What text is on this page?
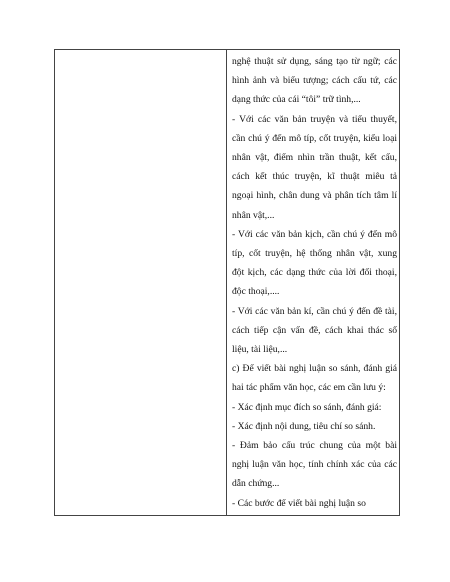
nghệ thuật sử dụng, sáng tạo từ ngữ; các hình ảnh và biểu tượng; cách cấu tứ, các dạng thức của cái “tôi” trữ tình,...

- Với các văn bản truyện và tiểu thuyết, cần chú ý đến mô típ, cốt truyện, kiểu loại nhân vật, điểm nhìn trần thuật, kết cấu, cách kết thúc truyện, kĩ thuật miêu tả ngoại hình, chân dung và phân tích tâm lí nhân vật,...

- Với các văn bản kịch, cần chú ý đến mô típ, cốt truyện, hệ thống nhân vật, xung đột kịch, các dạng thức của lời đối thoại, độc thoại,....

- Với các văn bản kí, cần chú ý đến đề tài, cách tiếp cận vấn đề, cách khai thác số liệu, tài liệu,...

c) Để viết bài nghị luận so sánh, đánh giá hai tác phẩm văn học, các em cần lưu ý:

- Xác định mục đích so sánh, đánh giá:

- Xác định nội dung, tiêu chí so sánh.

- Đảm bảo cấu trúc chung của một bài nghị luận văn học, tính chính xác của các dẫn chứng...

- Các bước để viết bài nghị luận so
